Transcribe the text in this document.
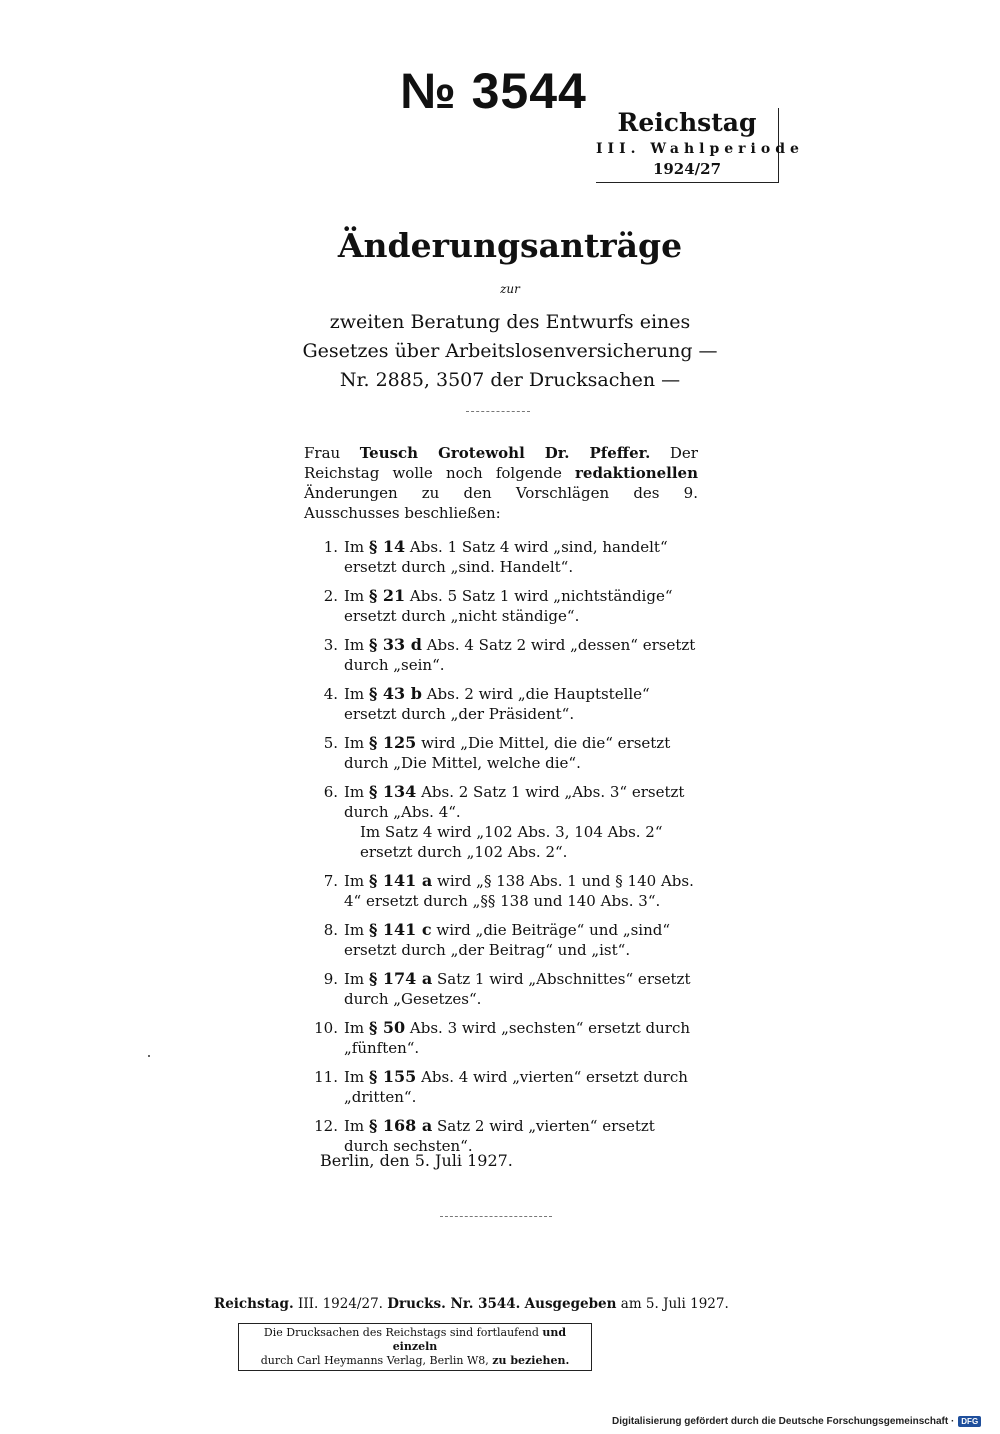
№ 3544
Reichstag
III. Wahlperiode
1924/27
Änderungsanträge
zur
zweiten Beratung des Entwurfs eines
Gesetzes über Arbeitslosenversicherung —
Nr. 2885, 3507 der Drucksachen —
Frau Teusch Grotewohl Dr. Pfeffer. Der Reichstag wolle noch folgende redaktionellen Änderungen zu den Vorschlägen des 9. Ausschusses beschließen:
1. Im § 14 Abs. 1 Satz 4 wird „sind, handelt“ ersetzt durch „sind. Handelt“.
2. Im § 21 Abs. 5 Satz 1 wird „nichtständige“ ersetzt durch „nicht ständige“.
3. Im § 33 d Abs. 4 Satz 2 wird „dessen“ ersetzt durch „sein“.
4. Im § 43 b Abs. 2 wird „die Hauptstelle“ ersetzt durch „der Präsident“.
5. Im § 125 wird „Die Mittel, die die“ ersetzt durch „Die Mittel, welche die“.
6. Im § 134 Abs. 2 Satz 1 wird „Abs. 3“ ersetzt durch „Abs. 4“.
Im Satz 4 wird „102 Abs. 3, 104 Abs. 2“ ersetzt durch „102 Abs. 2“.
7. Im § 141 a wird „§ 138 Abs. 1 und § 140 Abs. 4“ ersetzt durch „§§ 138 und 140 Abs. 3“.
8. Im § 141 c wird „die Beiträge“ und „sind“ ersetzt durch „der Beitrag“ und „ist“.
9. Im § 174 a Satz 1 wird „Abschnittes“ ersetzt durch „Gesetzes“.
10. Im § 50 Abs. 3 wird „sechsten“ ersetzt durch „fünften“.
11. Im § 155 Abs. 4 wird „vierten“ ersetzt durch „dritten“.
12. Im § 168 a Satz 2 wird „vierten“ ersetzt durch sechsten“.
Berlin, den 5. Juli 1927.
Reichstag. III. 1924/27. Drucks. Nr. 3544. Ausgegeben am 5. Juli 1927.
Die Drucksachen des Reichstags sind fortlaufend und einzeln
durch Carl Heymanns Verlag, Berlin W8, zu beziehen.
Digitalisierung gefördert durch die Deutsche Forschungsgemeinschaft · DFG
